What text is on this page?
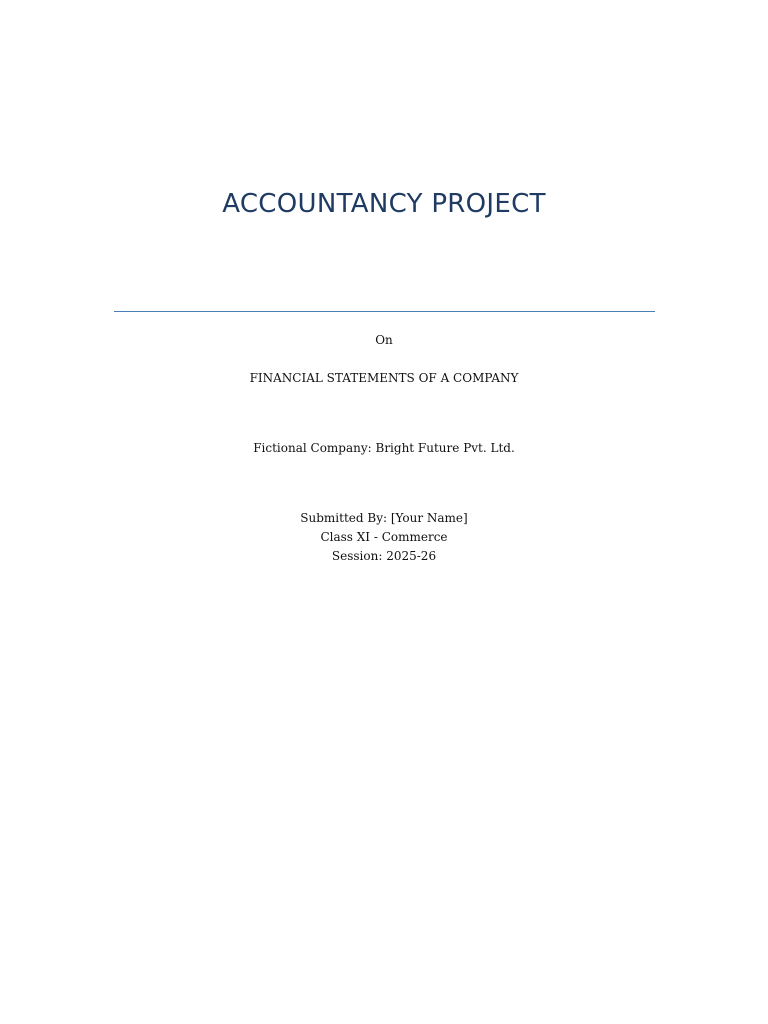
ACCOUNTANCY PROJECT

On

FINANCIAL STATEMENTS OF A COMPANY

Fictional Company: Bright Future Pvt. Ltd.

Submitted By: [Your Name]

Class XI - Commerce

Session: 2025-26
